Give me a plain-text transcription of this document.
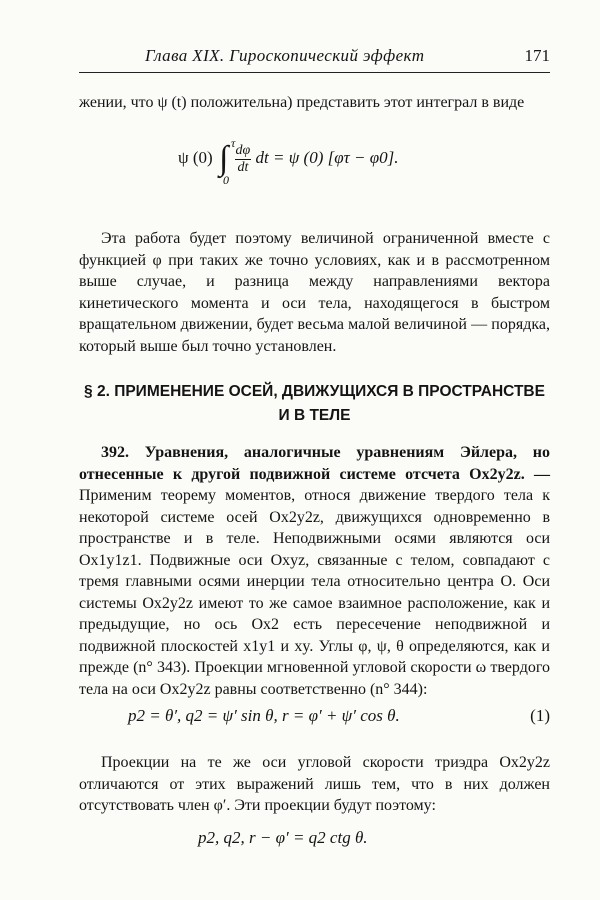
Глава XIX. Гироскопический эффект	171

жении, что ψ (t) положительна) представить этот интеграл в виде

ψ (0) ∫ τ
0

$\frac{d\varphi}{dt}$ dt = ψ (0) [φτ − φ0].

Эта работа будет поэтому величиной ограниченной вместе с функцией φ при таких же точно условиях, как и в рассмотренном выше случае, и разница между направлениями вектора кинетического момента и оси тела, находящегося в быстром вращательном движении, будет весьма малой величиной — порядка, который выше был точно установлен.

§ 2. ПРИМЕНЕНИЕ ОСЕЙ, ДВИЖУЩИХСЯ В ПРОСТРАНСТВЕ
И В ТЕЛЕ

392. Уравнения, аналогичные уравнениям Эйлера, но отнесенные к другой подвижной системе отсчета Ox2y2z. — Применим теорему моментов, относя движение твердого тела к некоторой системе осей Ox2y2z, движущихся одновременно в пространстве и в теле. Неподвижными осями являются оси Ox1y1z1. Подвижные оси Oxyz, связанные с телом, совпадают с тремя главными осями инерции тела относительно центра O. Оси системы Ox2y2z имеют то же самое взаимное расположение, как и предыдущие, но ось Ox2 есть пересечение неподвижной и подвижной плоскостей x1y1 и xy. Углы φ, ψ, θ определяются, как и прежде (n° 343). Проекции мгновенной угловой скорости ω твердого тела на оси Ox2y2z равны соответственно (n° 344):

p2 = θ′, q2 = ψ′ sin θ, r = φ′ + ψ′ cos θ.	(1)

Проекции на те же оси угловой скорости триэдра Ox2y2z отличаются от этих выражений лишь тем, что в них должен отсутствовать член φ′. Эти проекции будут поэтому:

p2, q2, r − φ′ = q2 ctg θ.
